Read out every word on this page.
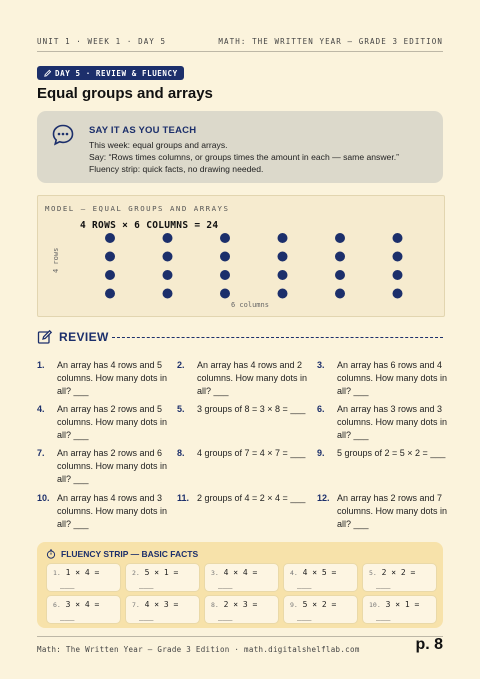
UNIT 1 · WEEK 1 · DAY 5	MATH: THE WRITTEN YEAR — GRADE 3 EDITION
DAY 5 · REVIEW & FLUENCY
Equal groups and arrays
SAY IT AS YOU TEACH
This week: equal groups and arrays.
Say: “Rows times columns, or groups times the amount in each — same answer.”
Fluency strip: quick facts, no drawing needed.
MODEL — EQUAL GROUPS AND ARRAYS
4 ROWS × 6 COLUMNS = 24
4 rows
6 columns
REVIEW
1. An array has 4 rows and 5 columns. How many dots in all? ___
2. An array has 4 rows and 2 columns. How many dots in all? ___
3. An array has 6 rows and 4 columns. How many dots in all? ___
4. An array has 2 rows and 5 columns. How many dots in all? ___
5. 3 groups of 8 = 3 × 8 = ___	6. An array has 3 rows and 3 columns. How many dots in all? ___
7. An array has 2 rows and 6 columns. How many dots in all? ___
8. 4 groups of 7 = 4 × 7 = ___	9. 5 groups of 2 = 5 × 2 = ___
10. An array has 4 rows and 3 columns. How many dots in all? ___
11. 2 groups of 4 = 2 × 4 = ___	12. An array has 2 rows and 7 columns. How many dots in all? ___
FLUENCY STRIP — BASIC FACTS
1. 1 × 4 =
___
2. 5 × 1 =
___
3. 4 × 4 =
___
4. 4 × 5 =
___
5. 2 × 2 =
___
6. 3 × 4 =
___
7. 4 × 3 =
___
8. 2 × 3 =
___
9. 5 × 2 =
___
10. 3 × 1 =
___
Math: The Written Year — Grade 3 Edition · math.digitalshelflab.com	p. 8
